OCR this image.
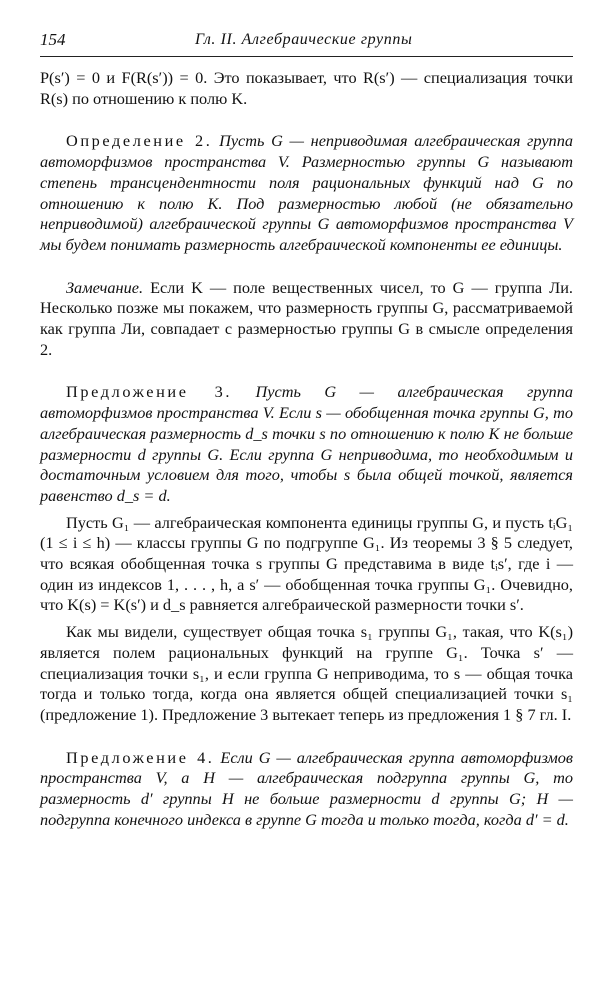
154	Гл. II. Алгебраические группы

P(s′) = 0 и F(R(s′)) = 0. Это показывает, что R(s′) — специализация точки R(s) по отношению к полю K.

Определение 2. Пусть G — неприводимая алгебраическая группа автоморфизмов пространства V. Размерностью группы G называют степень трансцендентности поля рациональных функций над G по отношению к полю K. Под размерностью любой (не обязательно неприводимой) алгебраической группы G автоморфизмов пространства V мы будем понимать размерность алгебраической компоненты ее единицы.

Замечание. Если K — поле вещественных чисел, то G — группа Ли. Несколько позже мы покажем, что размерность группы G, рассматриваемой как группа Ли, совпадает с размерностью группы G в смысле определения 2.

Предложение 3. Пусть G — алгебраическая группа автоморфизмов пространства V. Если s — обобщенная точка группы G, то алгебраическая размерность d_s точки s по отношению к полю K не больше размерности d группы G. Если группа G неприводима, то необходимым и достаточным условием для того, чтобы s была общей точкой, является равенство d_s = d.

Пусть G₁ — алгебраическая компонента единицы группы G, и пусть tᵢG₁ (1 ≤ i ≤ h) — классы группы G по подгруппе G₁. Из теоремы 3 § 5 следует, что всякая обобщенная точка s группы G представима в виде tᵢs′, где i — один из индексов 1, . . . , h, а s′ — обобщенная точка группы G₁. Очевидно, что K(s) = K(s′) и d_s равняется алгебраической размерности точки s′.

Как мы видели, существует общая точка s₁ группы G₁, такая, что K(s₁) является полем рациональных функций на группе G₁. Точка s′ — специализация точки s₁, и если группа G неприводима, то s — общая точка тогда и только тогда, когда она является общей специализацией точки s₁ (предложение 1). Предложение 3 вытекает теперь из предложения 1 § 7 гл. I.

Предложение 4. Если G — алгебраическая группа автоморфизмов пространства V, а H — алгебраическая подгруппа группы G, то размерность d′ группы H не больше размерности d группы G; H — подгруппа конечного индекса в группе G тогда и только тогда, когда d′ = d.
